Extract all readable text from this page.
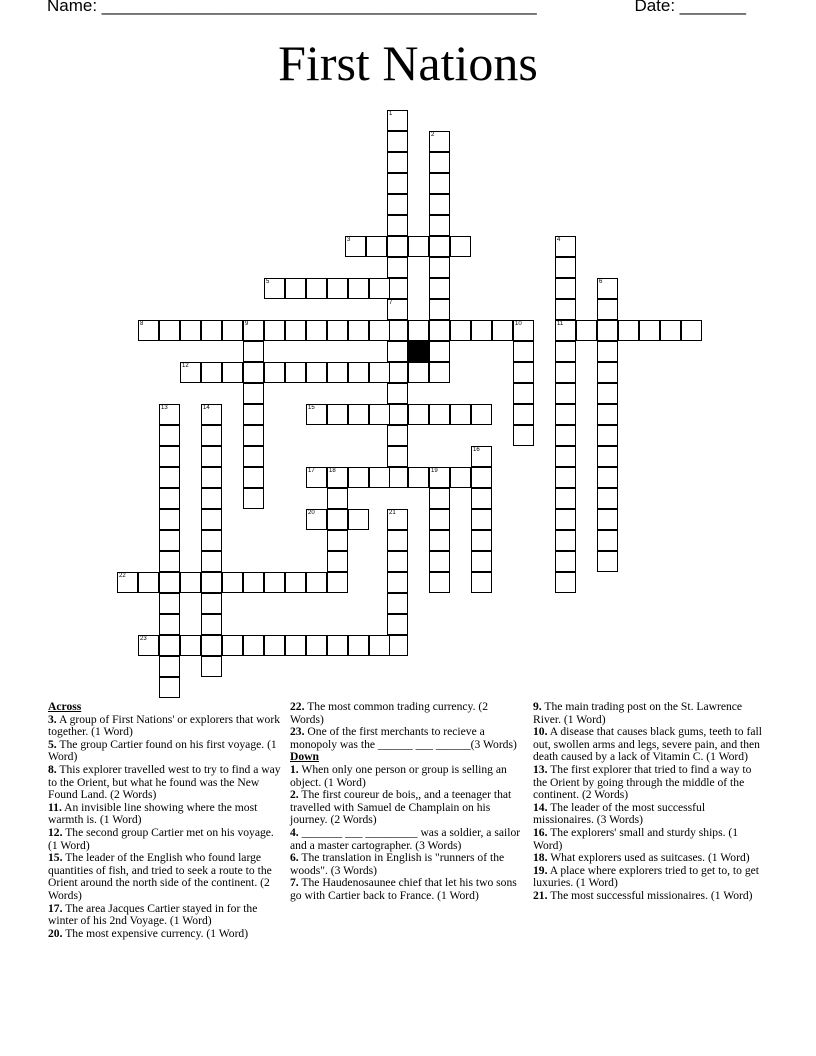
Name: ______________________________________________	Date: _______
First Nations
1
7
2
3	4
11
5	6
8	9	10
12
13	14	15
16
17 18	19
20	21
22
23

Across

3. A group of First Nations' or explorers that work together. (1 Word)

5. The group Cartier found on his first voyage. (1 Word)

8. This explorer travelled west to try to find a way to the Orient, but what he found was the New Found Land. (2 Words)

11. An invisible line showing where the most warmth is. (1 Word)

12. The second group Cartier met on his voyage. (1 Word)

15. The leader of the English who found large quantities of fish, and tried to seek a route to the Orient around the north side of the continent. (2 Words)

17. The area Jacques Cartier stayed in for the winter of his 2nd Voyage. (1 Word)

20. The most expensive currency. (1 Word)

22. The most common trading currency. (2 Words)

23. One of the first merchants to recieve a monopoly was the ______ ___ ______(3 Words)

Down

1. When only one person or group is selling an object. (1 Word)

2. The first coureur de bois,, and a teenager that travelled with Samuel de Champlain on his journey. (2 Words)

4. _______ ___ _________ was a soldier, a sailor and a master cartographer. (3 Words)

6. The translation in English is "runners of the woods". (3 Words)

7. The Haudenosaunee chief that let his two sons go with Cartier back to France. (1 Word)

9. The main trading post on the St. Lawrence River. (1 Word)

10. A disease that causes black gums, teeth to fall out, swollen arms and legs, severe pain, and then death caused by a lack of Vitamin C. (1 Word)

13. The first explorer that tried to find a way to the Orient by going through the middle of the continent. (2 Words)

14. The leader of the most successful missionaires. (3 Words)

16. The explorers' small and sturdy ships. (1 Word)

18. What explorers used as suitcases. (1 Word)

19. A place where explorers tried to get to, to get luxuries. (1 Word)

21. The most successful missionaires. (1 Word)
